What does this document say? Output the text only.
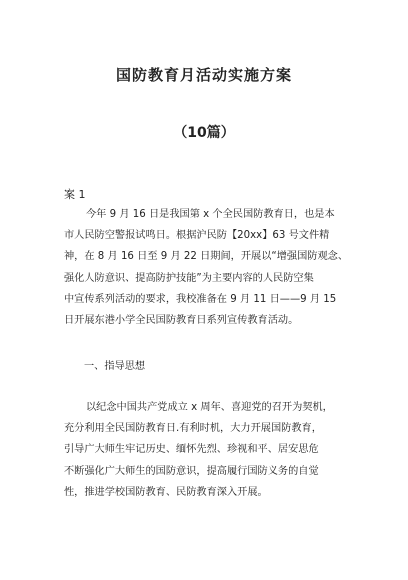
国防教育月活动实施方案
（10篇）
案 1
今年 9 月 16 日是我国第 x 个全民国防教育日，也是本
市人民防空警报试鸣日。根据沪民防【20xx】63 号文件精
神，在 8 月 16 日至 9 月 22 日期间，开展以“增强国防观念、
强化人防意识、提高防护技能”为主要内容的人民防空集
中宣传系列活动的要求，我校准备在 9 月 11 日——9 月 15
日开展东港小学全民国防教育日系列宣传教育活动。
一、指导思想
以纪念中国共产党成立 x 周年、喜迎党的召开为契机，
充分利用全民国防教育日.有利时机，大力开展国防教育，
引导广大师生牢记历史、缅怀先烈、珍视和平、居安思危
不断强化广大师生的国防意识，提高履行国防义务的自觉
性，推进学校国防教育、民防教育深入开展。
